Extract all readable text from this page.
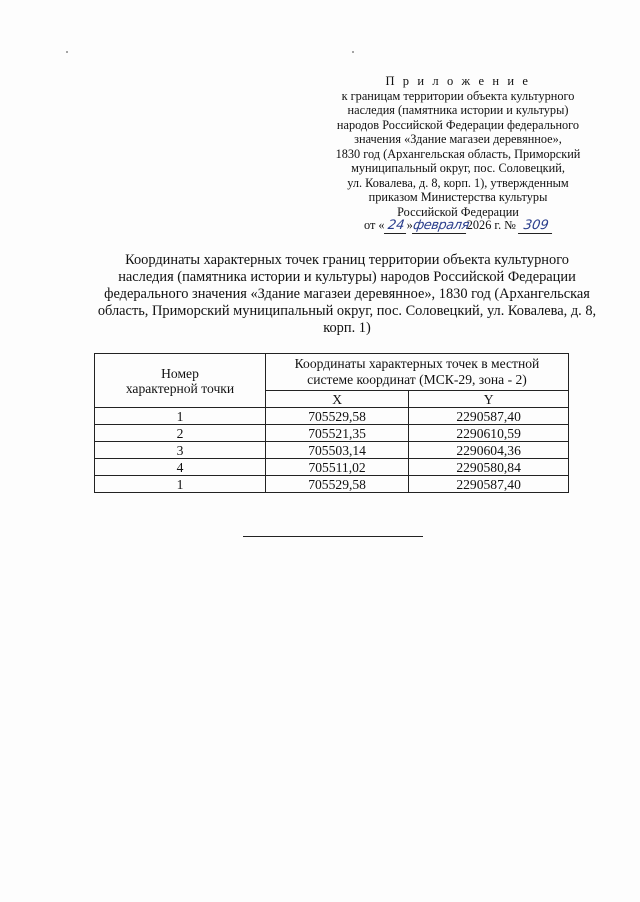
П р и л о ж е н и е
к границам территории объекта культурного
наследия (памятника истории и культуры)
народов Российской Федерации федерального
значения «Здание магазеи деревянное»,
1830 год (Архангельская область, Приморский
муниципальный округ, пос. Соловецкий,
ул. Ковалева, д. 8, корп. 1), утвержденным
приказом Министерства культуры
Российской Федерации
от « 24 »февраля2026 г. № 309
Координаты характерных точек границ территории объекта культурного
наследия (памятника истории и культуры) народов Российской Федерации
федерального значения «Здание магазеи деревянное», 1830 год (Архангельская
область, Приморский муниципальный округ, пос. Соловецкий, ул. Ковалева, д. 8,
корп. 1)
Номер
характерной точки	Координаты характерных точек в местной
системе координат (МСК-29, зона - 2)	
	X	Y
1	705529,58	2290587,40
2	705521,35	2290610,59
3	705503,14	2290604,36
4	705511,02	2290580,84
1	705529,58	2290587,40
